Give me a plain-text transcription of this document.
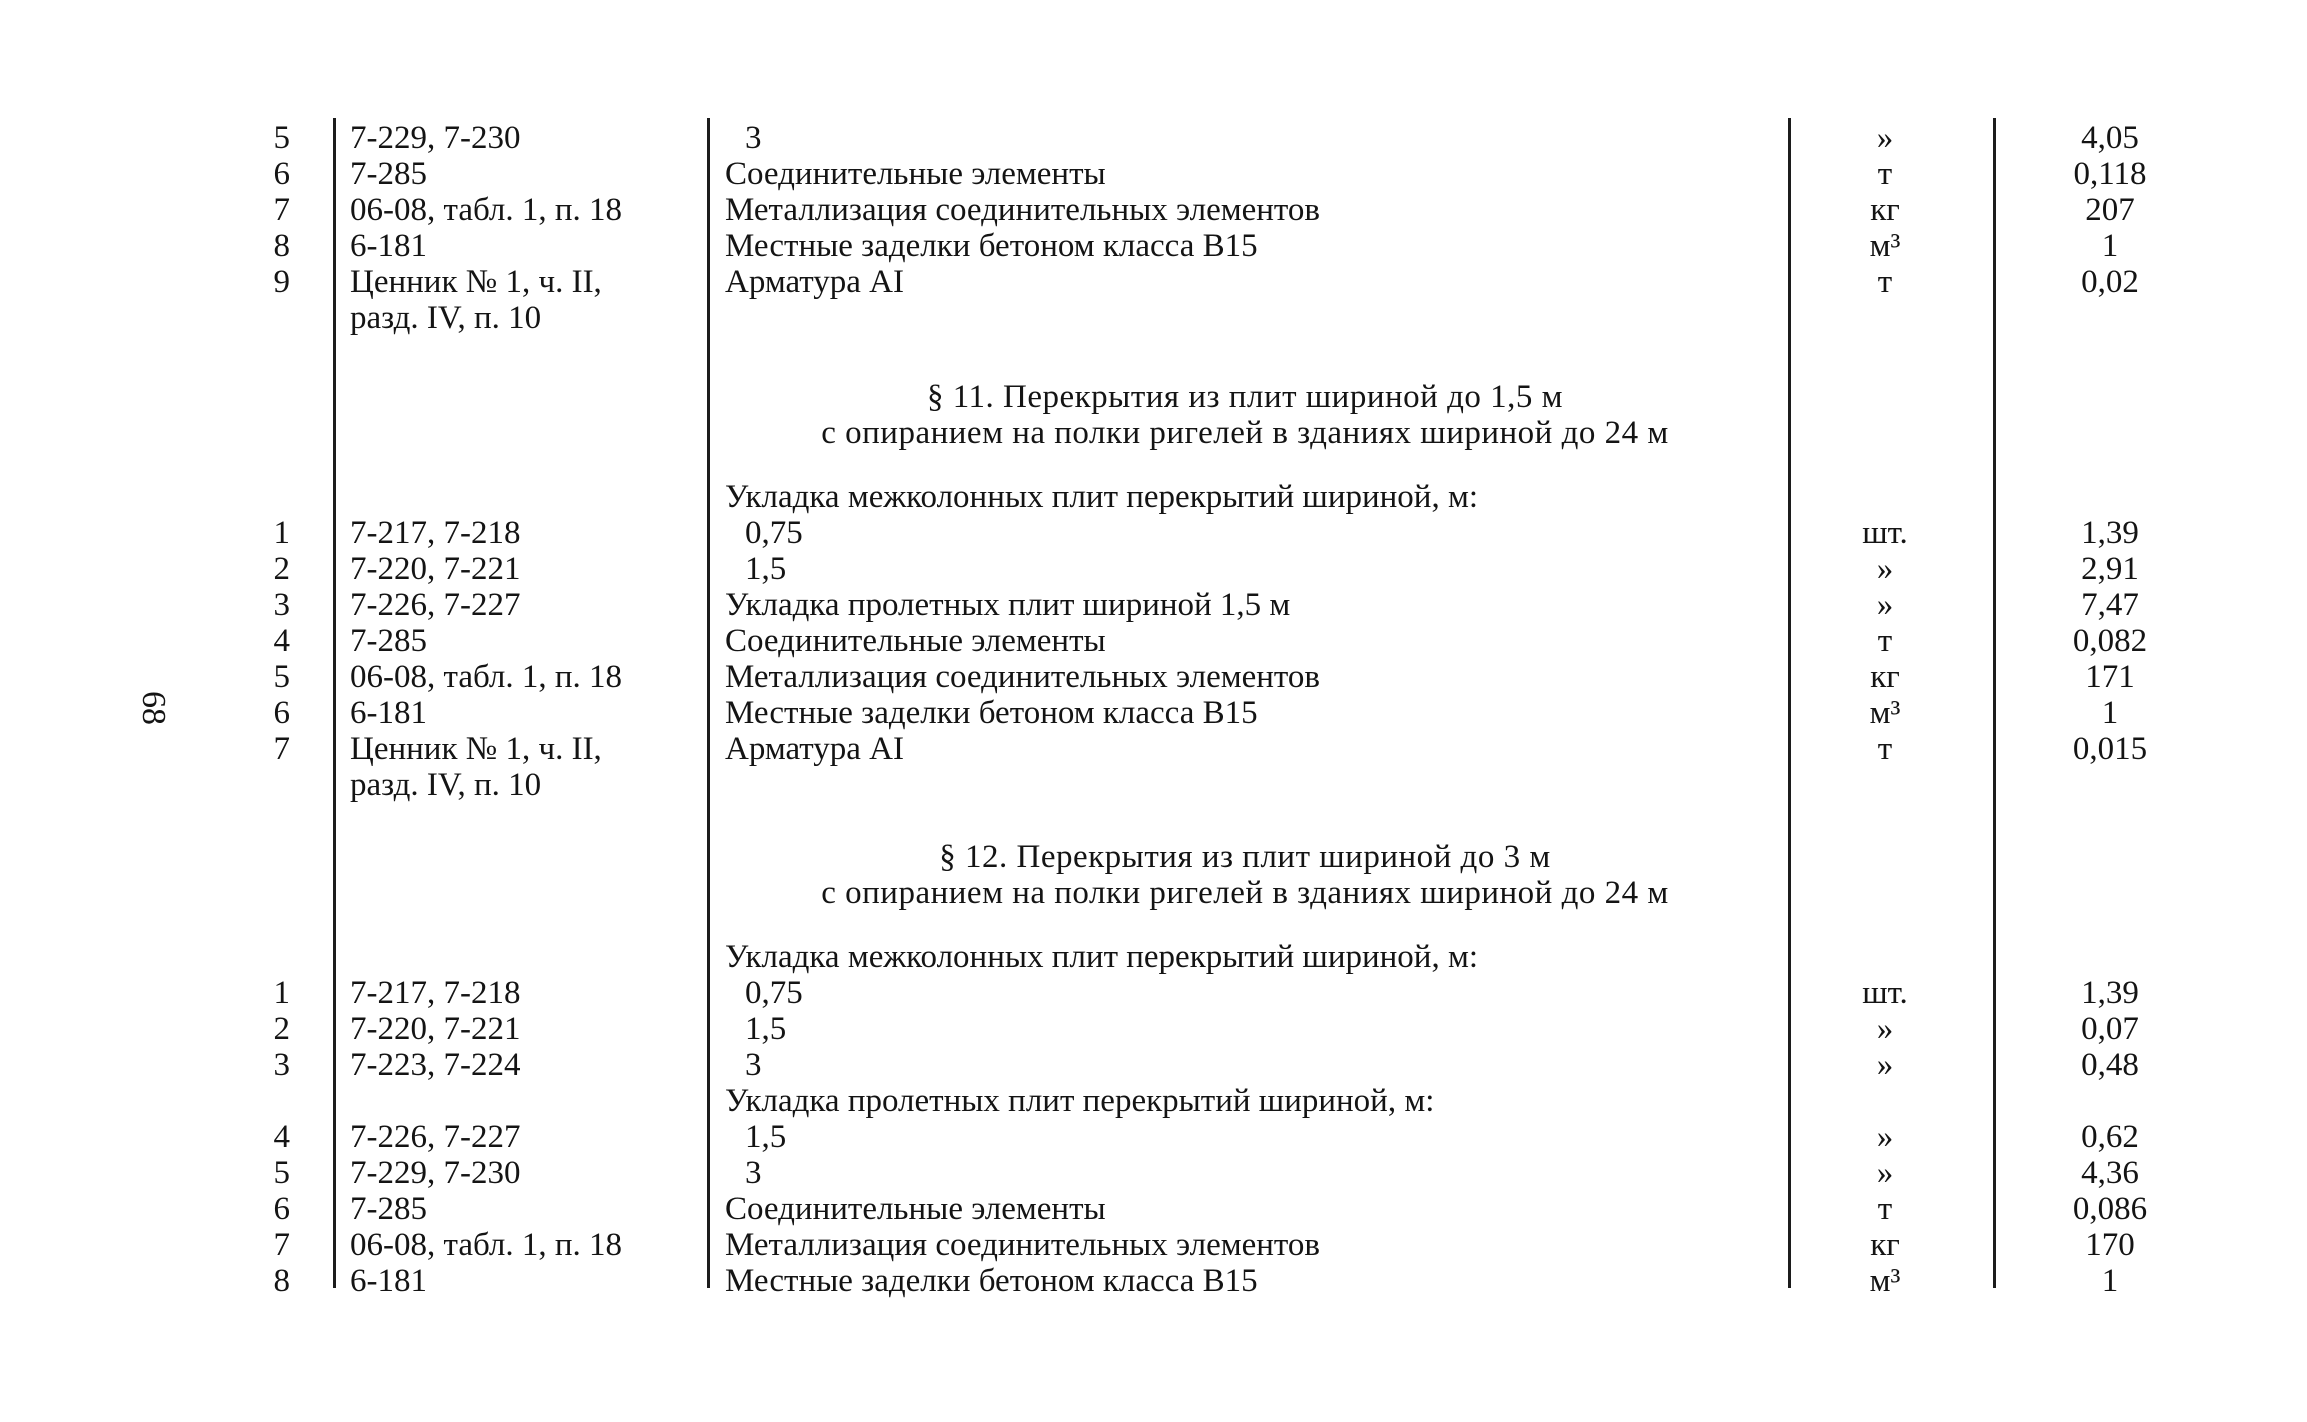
68
5 7-229, 7-230	3	»	4,05
6 7-285	Соединительные элементы	т	0,118
7 06-08, табл. 1, п. 18	Металлизация соединительных элементов	кг	207
8 6-181	Местные заделки бетоном класса В15	м³	1
9 Ценник № 1, ч. II,	Арматура АI	т	0,02
разд. IV, п. 10
§ 11. Перекрытия из плит шириной до 1,5 м
с опиранием на полки ригелей в зданиях шириной до 24 м
Укладка межколонных плит перекрытий шириной, м:
1 7-217, 7-218	0,75	шт.	1,39
2 7-220, 7-221	1,5	»	2,91
3 7-226, 7-227	Укладка пролетных плит шириной 1,5 м	»	7,47
4 7-285	Соединительные элементы	т	0,082
5 06-08, табл. 1, п. 18	Металлизация соединительных элементов	кг	171
6 6-181	Местные заделки бетоном класса В15	м³	1
7 Ценник № 1, ч. II,	Арматура АI	т	0,015
разд. IV, п. 10
§ 12. Перекрытия из плит шириной до 3 м
с опиранием на полки ригелей в зданиях шириной до 24 м
Укладка межколонных плит перекрытий шириной, м:
1 7-217, 7-218	0,75	шт.	1,39
2 7-220, 7-221	1,5	»	0,07
3 7-223, 7-224	3	»	0,48
Укладка пролетных плит перекрытий шириной, м:
4 7-226, 7-227	1,5	»	0,62
5 7-229, 7-230	3	»	4,36
6 7-285	Соединительные элементы	т	0,086
7 06-08, табл. 1, п. 18	Металлизация соединительных элементов	кг	170
8 6-181	Местные заделки бетоном класса В15	м³	1
